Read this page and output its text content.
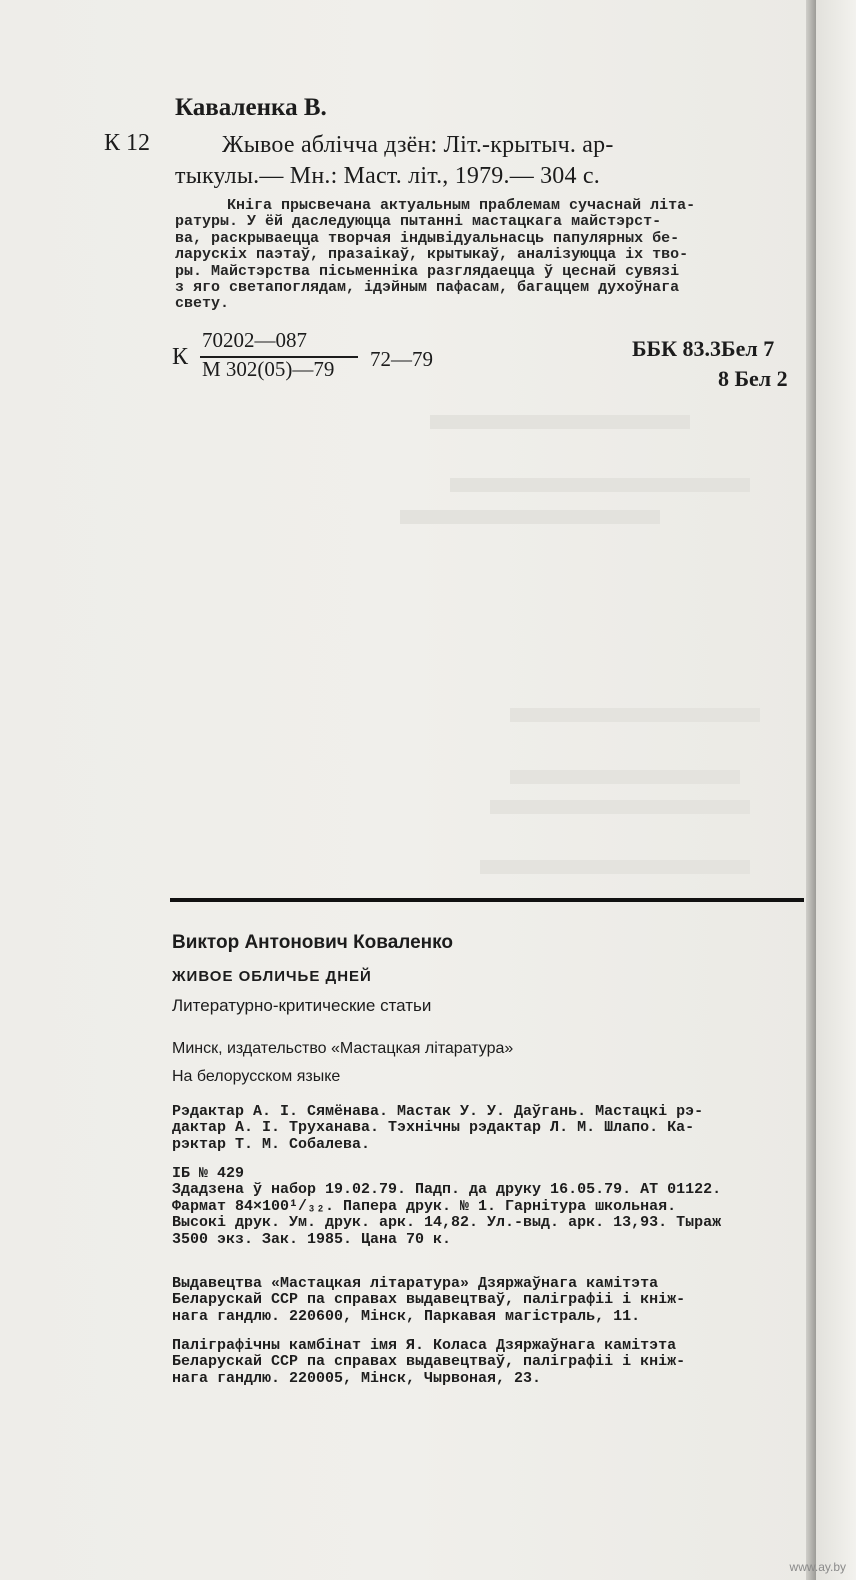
Каваленка В.
К 12	Жывое аблічча дзён: Літ.-крытыч. ар-
тыкулы.— Мн.: Маст. літ., 1979.— 304 с.
Кніга прысвечана актуальным праблемам сучаснай літа-
ратуры. У ёй даследуюцца пытанні мастацкага майстэрст-
ва, раскрываецца творчая індывідуальнасць папулярных бе-
ларускіх паэтаў, празаікаў, крытыкаў, аналізуюцца іх тво-
ры. Майстэрства пісьменніка разглядаецца ў цеснай сувязі
з яго светапоглядам, ідэйным пафасам, багаццем духоўнага
свету.
К
70202—087
М 302(05)—79 72—79	ББК 83.3Бел 7
8 Бел 2
Виктор Антонович Коваленко
ЖИВОЕ ОБЛИЧЬЕ ДНЕЙ
Литературно-критические статьи
Минск, издательство «Мастацкая літаратура»
На белорусском языке
Рэдактар А. І. Сямёнава. Мастак У. У. Даўгань. Мастацкі рэ-
дактар А. І. Труханава. Тэхнічны рэдактар Л. М. Шлапо. Ка-
рэктар Т. М. Собалева.
ІБ № 429
Здадзена ў набор 19.02.79. Падп. да друку 16.05.79. АТ 01122.
Фармат 84×100¹/₃₂. Папера друк. № 1. Гарнітура школьная.
Высокі друк. Ум. друк. арк. 14,82. Ул.-выд. арк. 13,93. Тыраж
3500 экз. Зак. 1985. Цана 70 к.
Выдавецтва «Мастацкая літаратура» Дзяржаўнага камітэта
Беларускай ССР па справах выдавецтваў, паліграфіі і кніж-
нага гандлю. 220600, Мінск, Паркавая магістраль, 11.
Паліграфічны камбінат імя Я. Коласа Дзяржаўнага камітэта
Беларускай ССР па справах выдавецтваў, паліграфіі і кніж-
нага гандлю. 220005, Мінск, Чырвоная, 23.
www.ay.by
